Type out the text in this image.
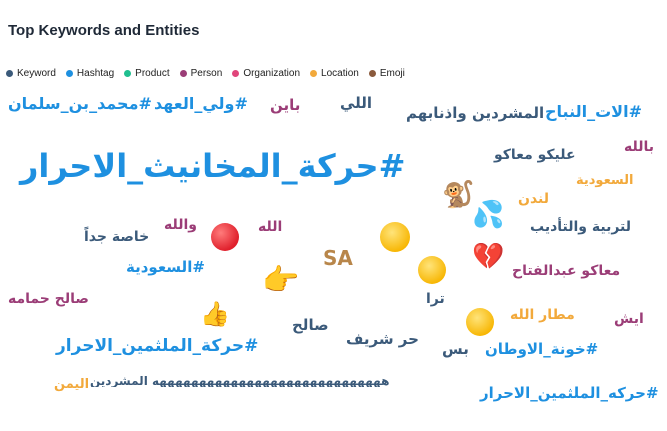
Top Keywords and Entities
Keyword Hashtag Product Person Organization Location Emoji
محمد_بن_سلمان# ولي_العهد# باين	اللي
المشردين واذنابهم الات_النباح#
حركة_المخانيث_الاحرار#	عليكو معاكو	بالله
السعودية
لندن
والله	الله
خاصة جداً
لتربية والتأديب
SA
السعودية#	معاكو عبدالفتاح
صالح حمامه	ترا
مطار الله	ايش
صالح
حركة_الملثمين_الاحرار#	حر شريف
بس خونة_الاوطان#
هههههههههههههههههههههههههههههه المشردين
اليمن	حركه_الملثمين_الاحرار#
🐒
💦
💔
👉
👍
